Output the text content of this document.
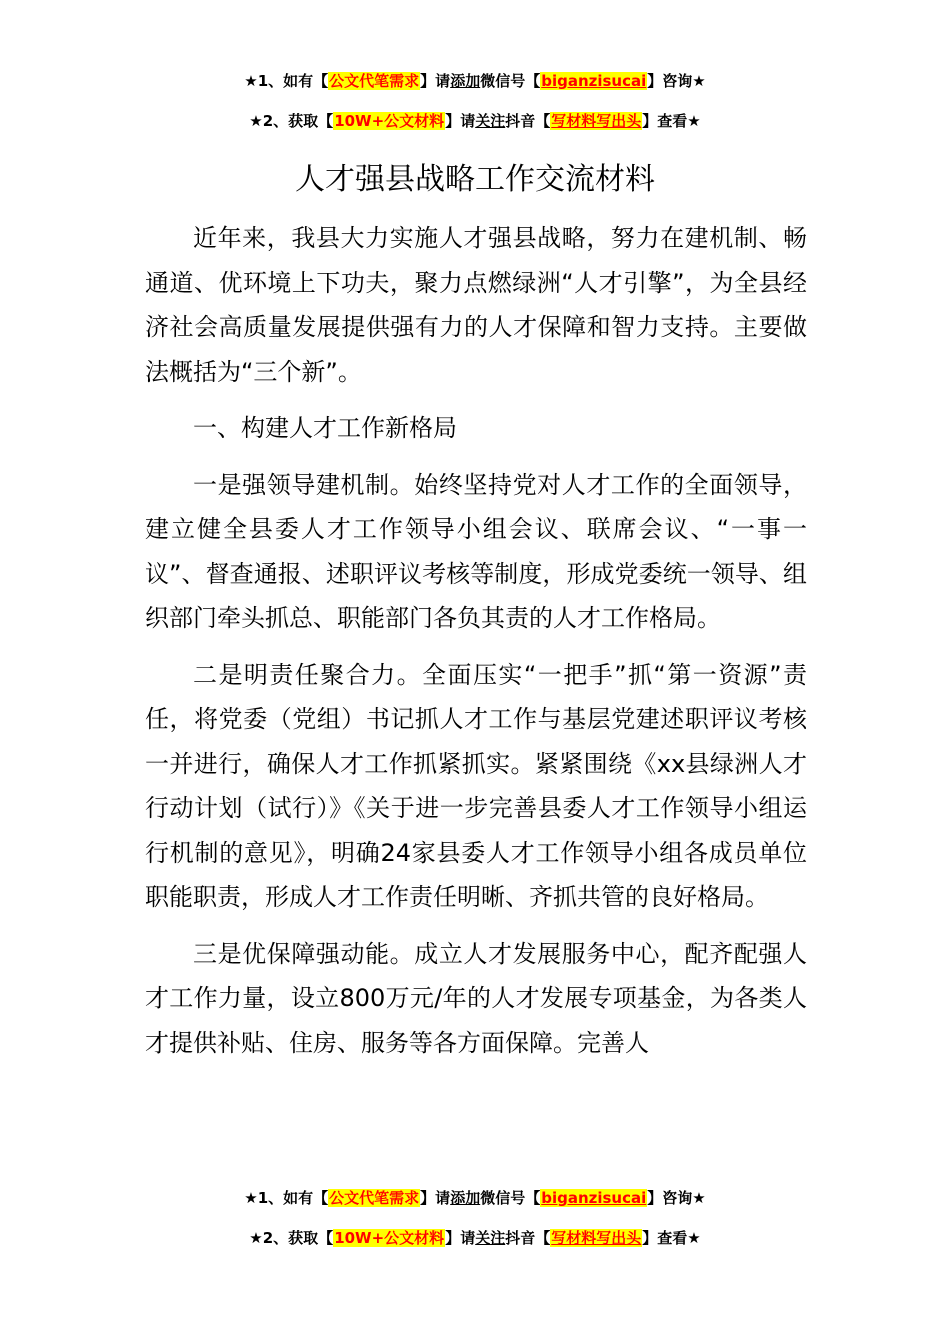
★1、如有【公文代笔需求】请添加微信号【biganzisucai】咨询★
★2、获取【10W+公文材料】请关注抖音【写材料写出头】查看★
人才强县战略工作交流材料

近年来，我县大力实施人才强县战略，努力在建机制、畅通道、优环境上下功夫，聚力点燃绿洲“人才引擎”，为全县经济社会高质量发展提供强有力的人才保障和智力支持。主要做法概括为“三个新”。

一、构建人才工作新格局

一是强领导建机制。始终坚持党对人才工作的全面领导，建立健全县委人才工作领导小组会议、联席会议、“一事一议”、督查通报、述职评议考核等制度，形成党委统一领导、组织部门牵头抓总、职能部门各负其责的人才工作格局。

二是明责任聚合力。全面压实“一把手”抓“第一资源”责任，将党委（党组）书记抓人才工作与基层党建述职评议考核一并进行，确保人才工作抓紧抓实。紧紧围绕《xx县绿洲人才行动计划（试行）》《关于进一步完善县委人才工作领导小组运行机制的意见》，明确24家县委人才工作领导小组各成员单位职能职责，形成人才工作责任明晰、齐抓共管的良好格局。

三是优保障强动能。成立人才发展服务中心，配齐配强人才工作力量，设立800万元/年的人才发展专项基金，为各类人才提供补贴、住房、服务等各方面保障。完善人

★1、如有【公文代笔需求】请添加微信号【biganzisucai】咨询★
★2、获取【10W+公文材料】请关注抖音【写材料写出头】查看★
